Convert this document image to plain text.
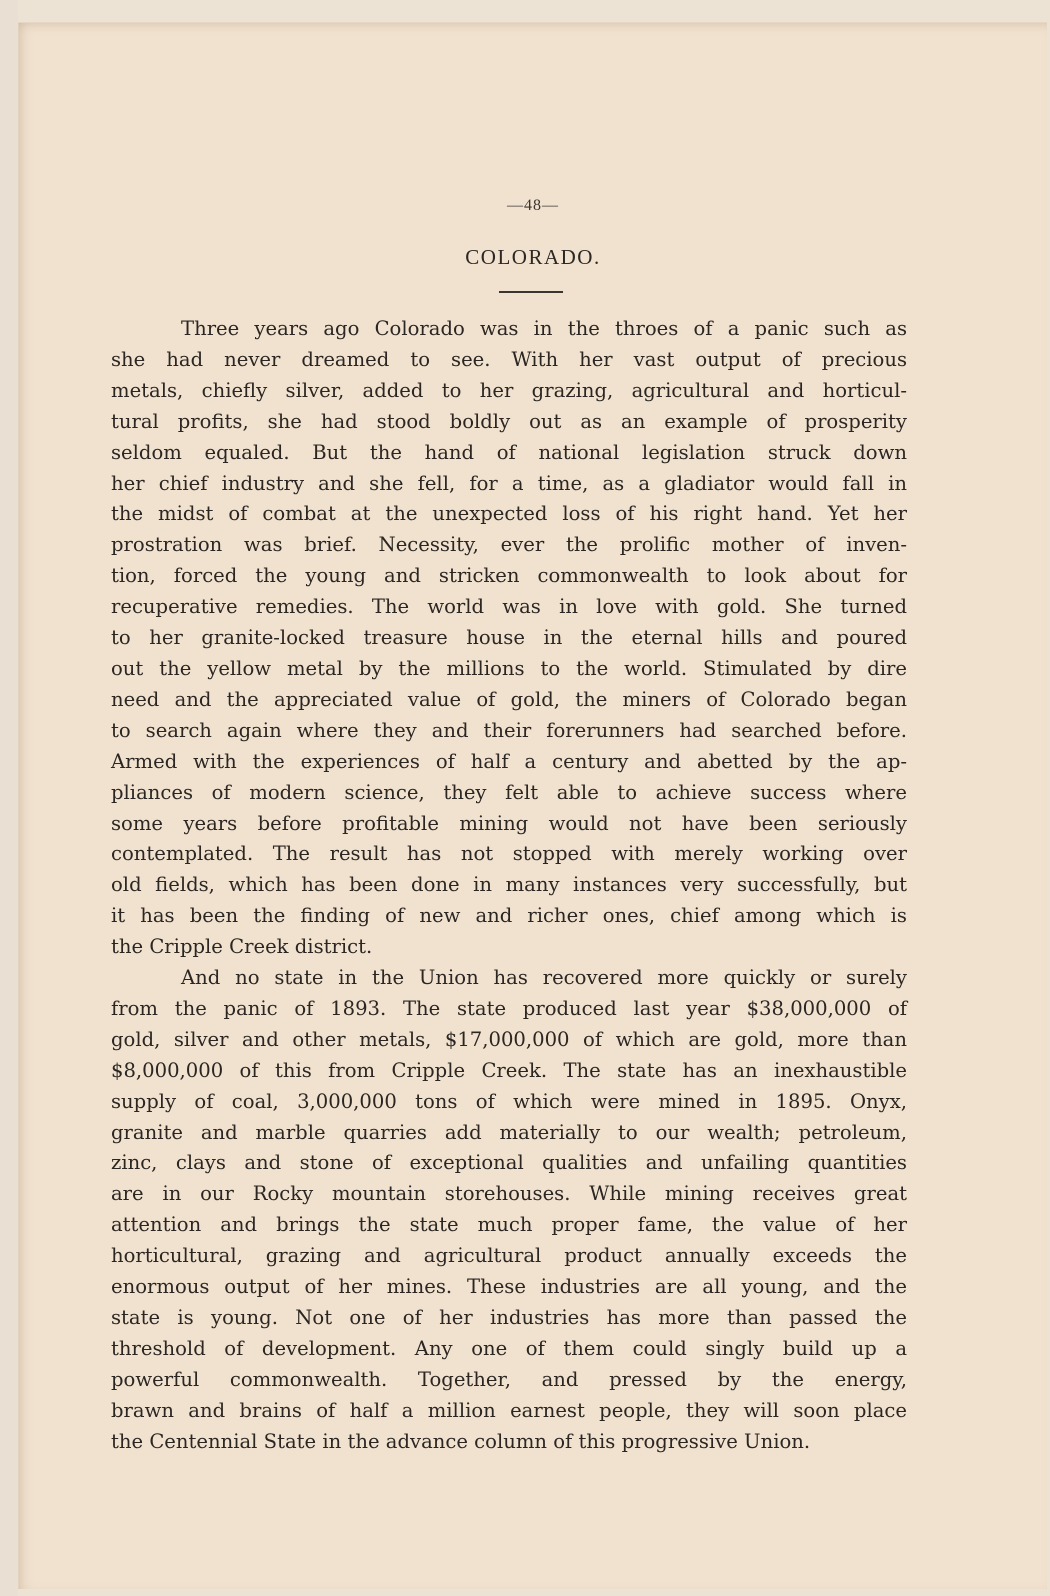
—48—
COLORADO.
Three years ago Colorado was in the throes of a panic such as
she had never dreamed to see. With her vast output of precious
metals, chiefly silver, added to her grazing, agricultural and horticul-
tural profits, she had stood boldly out as an example of prosperity
seldom equaled. But the hand of national legislation struck down
her chief industry and she fell, for a time, as a gladiator would fall in
the midst of combat at the unexpected loss of his right hand. Yet her
prostration was brief. Necessity, ever the prolific mother of inven-
tion, forced the young and stricken commonwealth to look about for
recuperative remedies. The world was in love with gold. She turned
to her granite-locked treasure house in the eternal hills and poured
out the yellow metal by the millions to the world. Stimulated by dire
need and the appreciated value of gold, the miners of Colorado began
to search again where they and their forerunners had searched before.
Armed with the experiences of half a century and abetted by the ap-
pliances of modern science, they felt able to achieve success where
some years before profitable mining would not have been seriously
contemplated. The result has not stopped with merely working over
old fields, which has been done in many instances very successfully, but
it has been the finding of new and richer ones, chief among which is
the Cripple Creek district.
And no state in the Union has recovered more quickly or surely
from the panic of 1893. The state produced last year $38,000,000 of
gold, silver and other metals, $17,000,000 of which are gold, more than
$8,000,000 of this from Cripple Creek. The state has an inexhaustible
supply of coal, 3,000,000 tons of which were mined in 1895. Onyx,
granite and marble quarries add materially to our wealth; petroleum,
zinc, clays and stone of exceptional qualities and unfailing quantities
are in our Rocky mountain storehouses. While mining receives great
attention and brings the state much proper fame, the value of her
horticultural, grazing and agricultural product annually exceeds the
enormous output of her mines. These industries are all young, and the
state is young. Not one of her industries has more than passed the
threshold of development. Any one of them could singly build up a
powerful commonwealth. Together, and pressed by the energy,
brawn and brains of half a million earnest people, they will soon place
the Centennial State in the advance column of this progressive Union.
